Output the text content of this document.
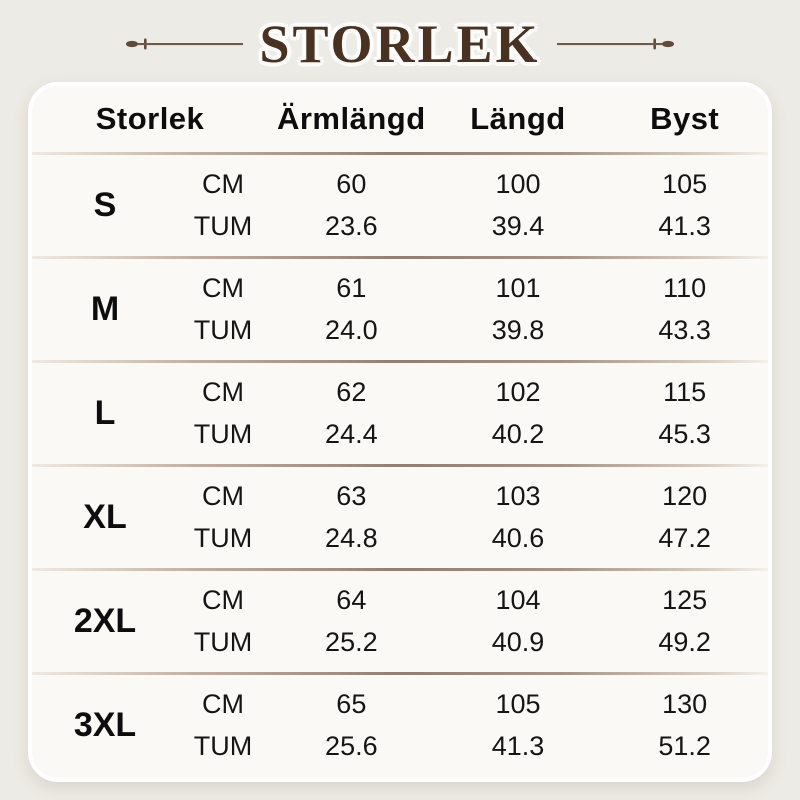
STORLEK
Storlek	Ärmlängd	Längd	Byst
S
CM	60	100	105
TUM	23.6	39.4	41.3
M
CM	61	101	110
TUM	24.0	39.8	43.3
L
CM	62	102	115
TUM	24.4	40.2	45.3
XL
CM	63	103	120
TUM	24.8	40.6	47.2
2XL
CM	64	104	125
TUM	25.2	40.9	49.2
3XL
CM	65	105	130
TUM	25.6	41.3	51.2
